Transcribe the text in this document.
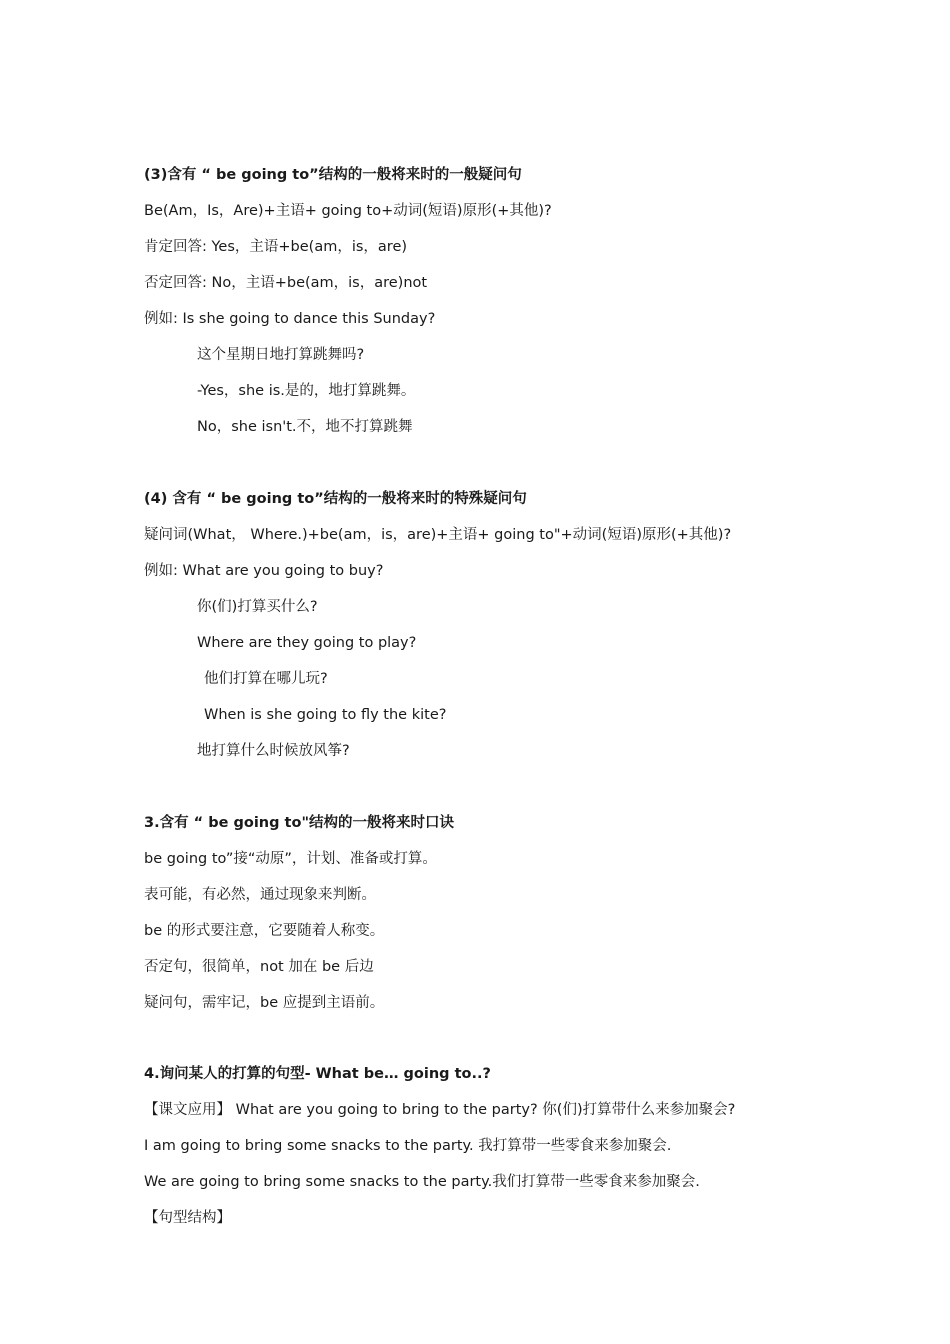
(3)含有 “ be going to”结构的一般将来时的一般疑问句
Be(Am，Is，Are)+主语+ going to+动词(短语)原形(+其他)?
肯定回答: Yes，主语+be(am，is，are)
否定回答: No，主语+be(am，is，are)not
例如: Is she going to dance this Sunday?
这个星期日地打算跳舞吗?
-Yes，she is.是的，地打算跳舞。
No，she isn't.不，地不打算跳舞
(4) 含有 “ be going to”结构的一般将来时的特殊疑问句
疑问词(What， Where.)+be(am，is，are)+主语+ going to"+动词(短语)原形(+其他)?
例如: What are you going to buy?
你(们)打算买什么?
Where are they going to play?
他们打算在哪儿玩?
When is she going to fly the kite?
地打算什么时候放风筝?
3.含有 “ be going to"结构的一般将来时口诀
be going to”接“动原”，计划、准备或打算。
表可能，有必然，通过现象来判断。
be 的形式要注意，它要随着人称变。
否定句，很简单，not 加在 be 后边
疑问句，需牢记，be 应提到主语前。
4.询问某人的打算的句型- What be… going to..?
【课文应用】 What are you going to bring to the party? 你(们)打算带什么来参加聚会?
I am going to bring some snacks to the party. 我打算带一些零食来参加聚会.
We are going to bring some snacks to the party.我们打算带一些零食来参加聚会.
【句型结构】
